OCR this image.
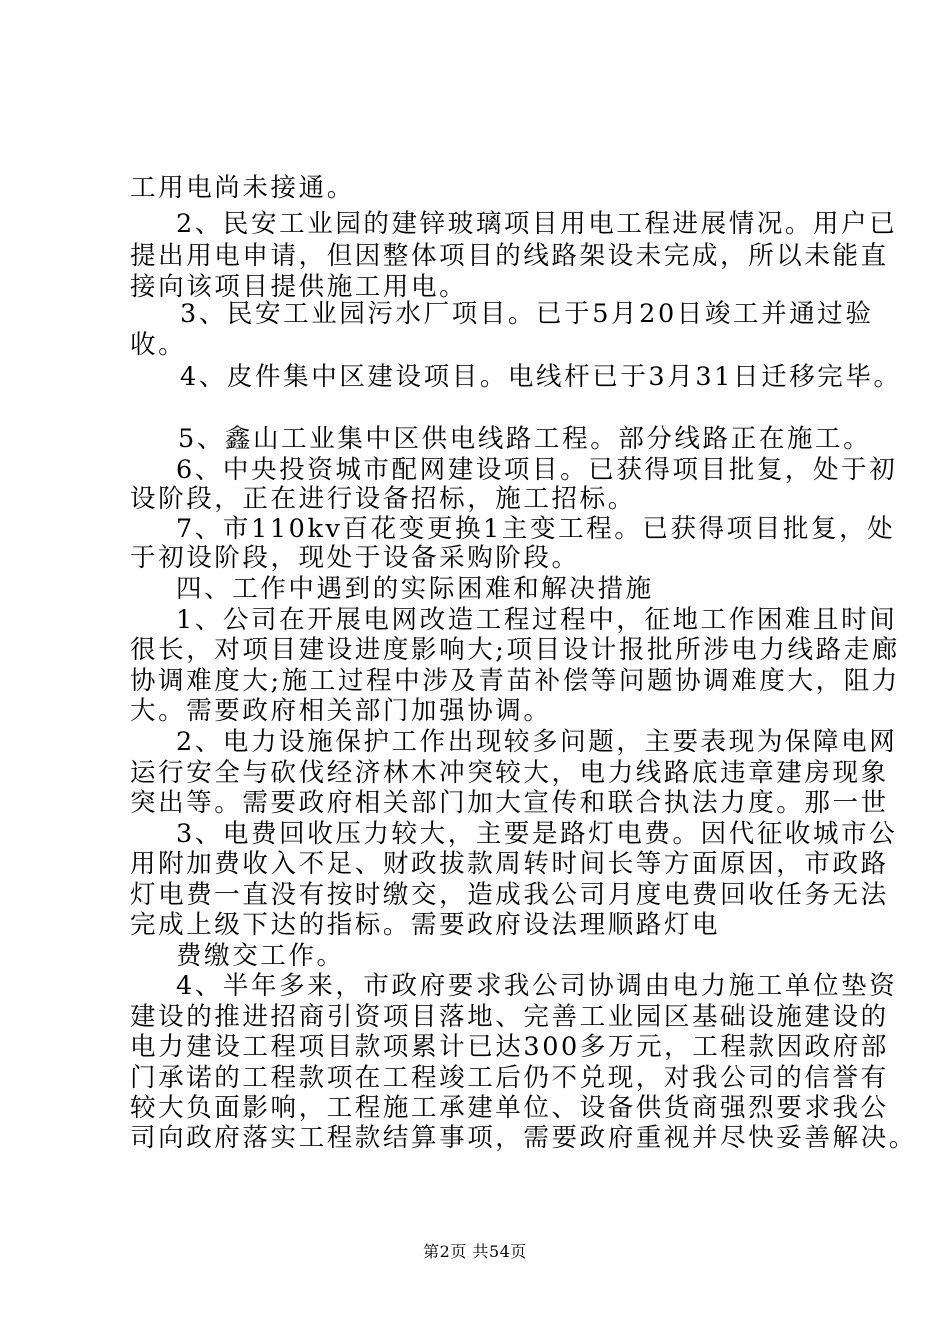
工用电尚未接通。
2、民安工业园的建锌玻璃项目用电工程进展情况。用户已
提出用电申请，但因整体项目的线路架设未完成，所以未能直
接向该项目提供施工用电。
3、民安工业园污水厂项目。已于5月20日竣工并通过验
收。
4、皮件集中区建设项目。电线杆已于3月31日迁移完毕。
5、鑫山工业集中区供电线路工程。部分线路正在施工。
6、中央投资城市配网建设项目。已获得项目批复，处于初
设阶段，正在进行设备招标，施工招标。
7、市110kv百花变更换1主变工程。已获得项目批复，处
于初设阶段，现处于设备采购阶段。
四、工作中遇到的实际困难和解决措施
1、公司在开展电网改造工程过程中，征地工作困难且时间
很长，对项目建设进度影响大;项目设计报批所涉电力线路走廊
协调难度大;施工过程中涉及青苗补偿等问题协调难度大，阻力
大。需要政府相关部门加强协调。
2、电力设施保护工作出现较多问题，主要表现为保障电网
运行安全与砍伐经济林木冲突较大，电力线路底违章建房现象
突出等。需要政府相关部门加大宣传和联合执法力度。那一世
3、电费回收压力较大，主要是路灯电费。因代征收城市公
用附加费收入不足、财政拔款周转时间长等方面原因，市政路
灯电费一直没有按时缴交，造成我公司月度电费回收任务无法
完成上级下达的指标。需要政府设法理顺路灯电
费缴交工作。
4、半年多来，市政府要求我公司协调由电力施工单位垫资
建设的推进招商引资项目落地、完善工业园区基础设施建设的
电力建设工程项目款项累计已达300多万元，工程款因政府部
门承诺的工程款项在工程竣工后仍不兑现，对我公司的信誉有
较大负面影响，工程施工承建单位、设备供货商强烈要求我公
司向政府落实工程款结算事项，需要政府重视并尽快妥善解决。
第2页 共54页
